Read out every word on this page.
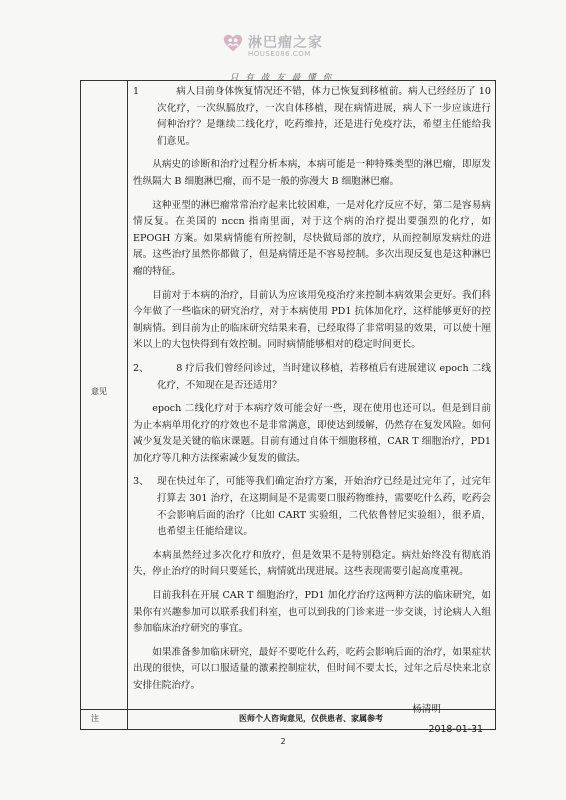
淋巴瘤之家
HOUSE086.COM
只有战友最懂你
意见
注
1	病人目前身体恢复情况还不错，体力已恢复到移植前。病人已经经历了 10 次化疗，一次纵膈放疗，一次自体移植，现在病情进展，病人下一步应该进行何种治疗？是继续二线化疗，吃药维持，还是进行免疫疗法，希望主任能给我们意见。

从病史的诊断和治疗过程分析本病，本病可能是一种特殊类型的淋巴瘤，即原发性纵隔大 B 细胞淋巴瘤，而不是一般的弥漫大 B 细胞淋巴瘤。

这种亚型的淋巴瘤常常治疗起来比较困难，一是对化疗反应不好，第二是容易病情反复。在美国的 nccn 指南里面，对于这个病的治疗提出要强烈的化疗，如 EPOGH 方案。如果病情能有所控制，尽快做局部的放疗，从而控制原发病灶的进展。这些治疗虽然你都做了，但是病情还是不容易控制。多次出现反复也是这种淋巴瘤的特征。

目前对于本病的治疗，目前认为应该用免疫治疗来控制本病效果会更好。我们科今年做了一些临床的研究治疗，对于本病使用 PD1 抗体加化疗，这样能够更好的控制病情。到目前为止的临床研究结果来看，已经取得了非常明显的效果，可以使十厘米以上的大包快得到有效控制。同时病情能够相对的稳定时间更长。

2、	8 疗后我们曾经问诊过，当时建议移植，若移植后有进展建议 epoch 二线化疗，不知现在是否还适用？

epoch 二线化疗对于本病疗效可能会好一些，现在使用也还可以。但是到目前为止本病单用化疗的疗效也不是非常满意，即使达到缓解，仍然存在复发风险。如何减少复发是关键的临床课题。目前有通过自体干细胞移植，CAR T 细胞治疗，PD1 加化疗等几种方法探索减少复发的做法。

3、 现在快过年了，可能等我们确定治疗方案，开始治疗已经是过完年了，过完年打算去 301 治疗，在这期间是不是需要口服药物维持，需要吃什么药，吃药会不会影响后面的治疗（比如 CART 实验组，二代依鲁替尼实验组），很矛盾，也希望主任能给建议。

本病虽然经过多次化疗和放疗，但是效果不是特别稳定。病灶始终没有彻底消失，停止治疗的时间只要延长，病情就出现进展。这些表现需要引起高度重视。

目前我科在开展 CAR T 细胞治疗，PD1 加化疗治疗这两种方法的临床研究，如果你有兴趣参加可以联系我们科室，也可以到我的门诊来进一步交谈，讨论病人入组参加临床治疗研究的事宜。

如果准备参加临床研究，最好不要吃什么药，吃药会影响后面的治疗，如果症状出现的很快，可以口服适量的激素控制症状，但时间不要太长，过年之后尽快来北京安排住院治疗。

杨清明
2018-01-31
医师个人咨询意见，仅供患者、家属参考
2
